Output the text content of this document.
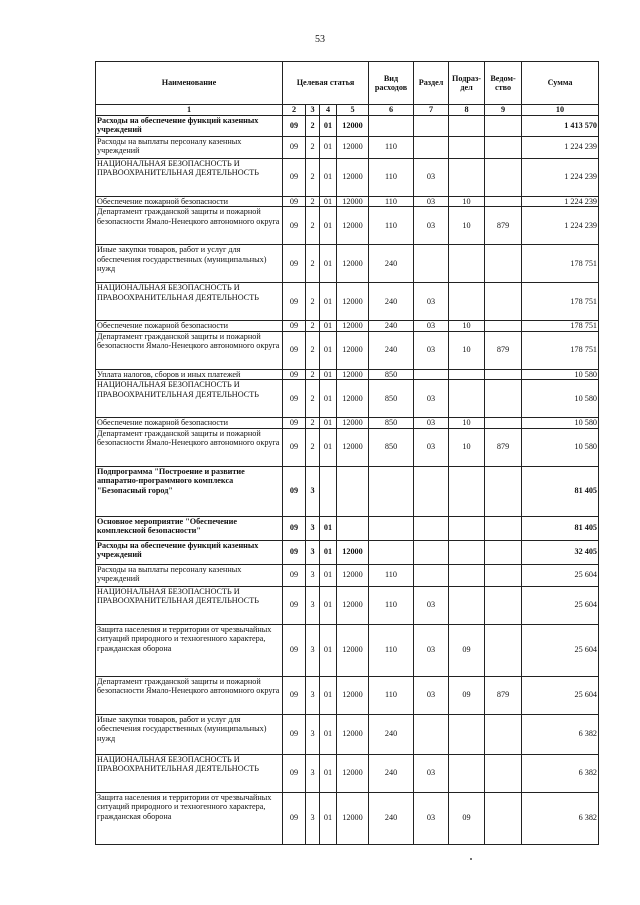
53
Наименование	Целевая статья				Вид расходов	Раздел	Подраз-дел	Ведом-ство	Сумма
1	2	3	4	5	6	7	8	9	10
Расходы на обеспечение функций казенных учреждений	09	2	01	12000					1 413 570
Расходы на выплаты персоналу казенных учреждений	09	2	01	12000	110				1 224 239
НАЦИОНАЛЬНАЯ БЕЗОПАСНОСТЬ И ПРАВООХРАНИТЕЛЬНАЯ ДЕЯТЕЛЬНОСТЬ	09	2	01	12000	110	03			1 224 239
Обеспечение пожарной безопасности	09	2	01	12000	110	03	10		1 224 239
Департамент гражданской защиты и пожарной безопасности Ямало-Ненецкого автономного округа	09	2	01	12000	110	03	10	879	1 224 239
Иные закупки товаров, работ и услуг для обеспечения государственных (муниципальных) нужд	09	2	01	12000	240				178 751
НАЦИОНАЛЬНАЯ БЕЗОПАСНОСТЬ И ПРАВООХРАНИТЕЛЬНАЯ ДЕЯТЕЛЬНОСТЬ	09	2	01	12000	240	03			178 751
Обеспечение пожарной безопасности	09	2	01	12000	240	03	10		178 751
Департамент гражданской защиты и пожарной безопасности Ямало-Ненецкого автономного округа	09	2	01	12000	240	03	10	879	178 751
Уплата налогов, сборов и иных платежей	09	2	01	12000	850				10 580
НАЦИОНАЛЬНАЯ БЕЗОПАСНОСТЬ И ПРАВООХРАНИТЕЛЬНАЯ ДЕЯТЕЛЬНОСТЬ	09	2	01	12000	850	03			10 580
Обеспечение пожарной безопасности	09	2	01	12000	850	03	10		10 580
Департамент гражданской защиты и пожарной безопасности Ямало-Ненецкого автономного округа	09	2	01	12000	850	03	10	879	10 580
Подпрограмма "Построение и развитие аппаратно-программного комплекса "Безопасный город"	09	3							81 405
Основное мероприятие "Обеспечение комплексной безопасности"	09	3	01						81 405
Расходы на обеспечение функций казенных учреждений	09	3	01	12000					32 405
Расходы на выплаты персоналу казенных учреждений	09	3	01	12000	110				25 604
НАЦИОНАЛЬНАЯ БЕЗОПАСНОСТЬ И ПРАВООХРАНИТЕЛЬНАЯ ДЕЯТЕЛЬНОСТЬ	09	3	01	12000	110	03			25 604
Защита населения и территории от чрезвычайных ситуаций природного и техногенного характера, гражданская оборона	09	3	01	12000	110	03	09		25 604
Департамент гражданской защиты и пожарной безопасности Ямало-Ненецкого автономного округа	09	3	01	12000	110	03	09	879	25 604
Иные закупки товаров, работ и услуг для обеспечения государственных (муниципальных) нужд	09	3	01	12000	240				6 382
НАЦИОНАЛЬНАЯ БЕЗОПАСНОСТЬ И ПРАВООХРАНИТЕЛЬНАЯ ДЕЯТЕЛЬНОСТЬ	09	3	01	12000	240	03			6 382
Защита населения и территории от чрезвычайных ситуаций природного и техногенного характера, гражданская оборона	09	3	01	12000	240	03	09		6 382
